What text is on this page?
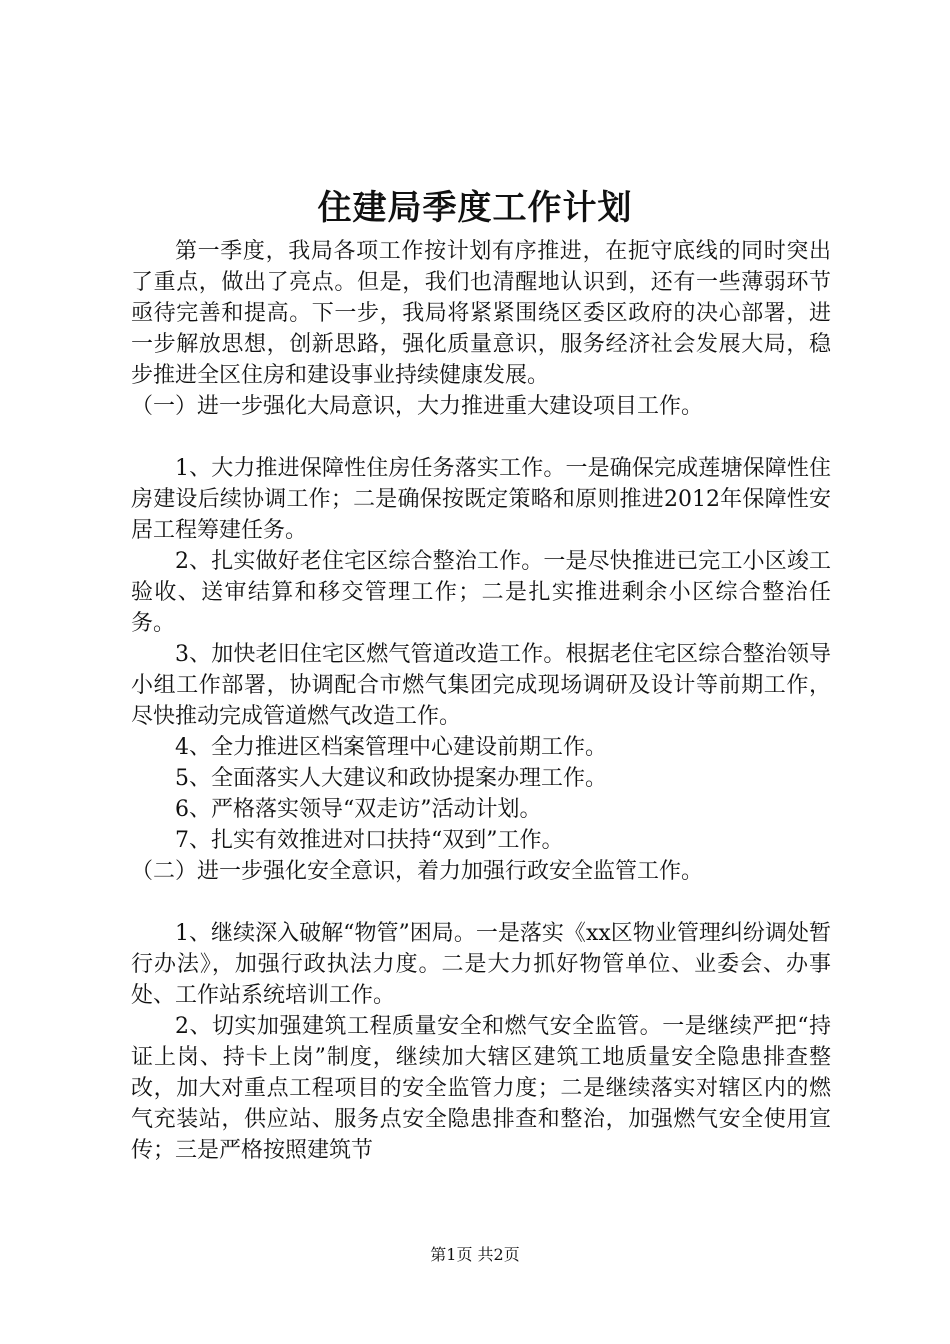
住建局季度工作计划

第一季度，我局各项工作按计划有序推进，在扼守底线的同时突出了重点，做出了亮点。但是，我们也清醒地认识到，还有一些薄弱环节亟待完善和提高。下一步，我局将紧紧围绕区委区政府的决心部署，进一步解放思想，创新思路，强化质量意识，服务经济社会发展大局，稳步推进全区住房和建设事业持续健康发展。

（一）进一步强化大局意识，大力推进重大建设项目工作。

1、大力推进保障性住房任务落实工作。一是确保完成莲塘保障性住房建设后续协调工作；二是确保按既定策略和原则推进2012年保障性安居工程筹建任务。

2、扎实做好老住宅区综合整治工作。一是尽快推进已完工小区竣工验收、送审结算和移交管理工作；二是扎实推进剩余小区综合整治任务。

3、加快老旧住宅区燃气管道改造工作。根据老住宅区综合整治领导小组工作部署，协调配合市燃气集团完成现场调研及设计等前期工作，尽快推动完成管道燃气改造工作。

4、全力推进区档案管理中心建设前期工作。

5、全面落实人大建议和政协提案办理工作。

6、严格落实领导“双走访”活动计划。

7、扎实有效推进对口扶持“双到”工作。

（二）进一步强化安全意识，着力加强行政安全监管工作。

1、继续深入破解“物管”困局。一是落实《xx区物业管理纠纷调处暂行办法》，加强行政执法力度。二是大力抓好物管单位、业委会、办事处、工作站系统培训工作。

2、切实加强建筑工程质量安全和燃气安全监管。一是继续严把“持证上岗、持卡上岗”制度，继续加大辖区建筑工地质量安全隐患排查整改，加大对重点工程项目的安全监管力度；二是继续落实对辖区内的燃气充装站，供应站、服务点安全隐患排查和整治，加强燃气安全使用宣传；三是严格按照建筑节

第1页 共2页
